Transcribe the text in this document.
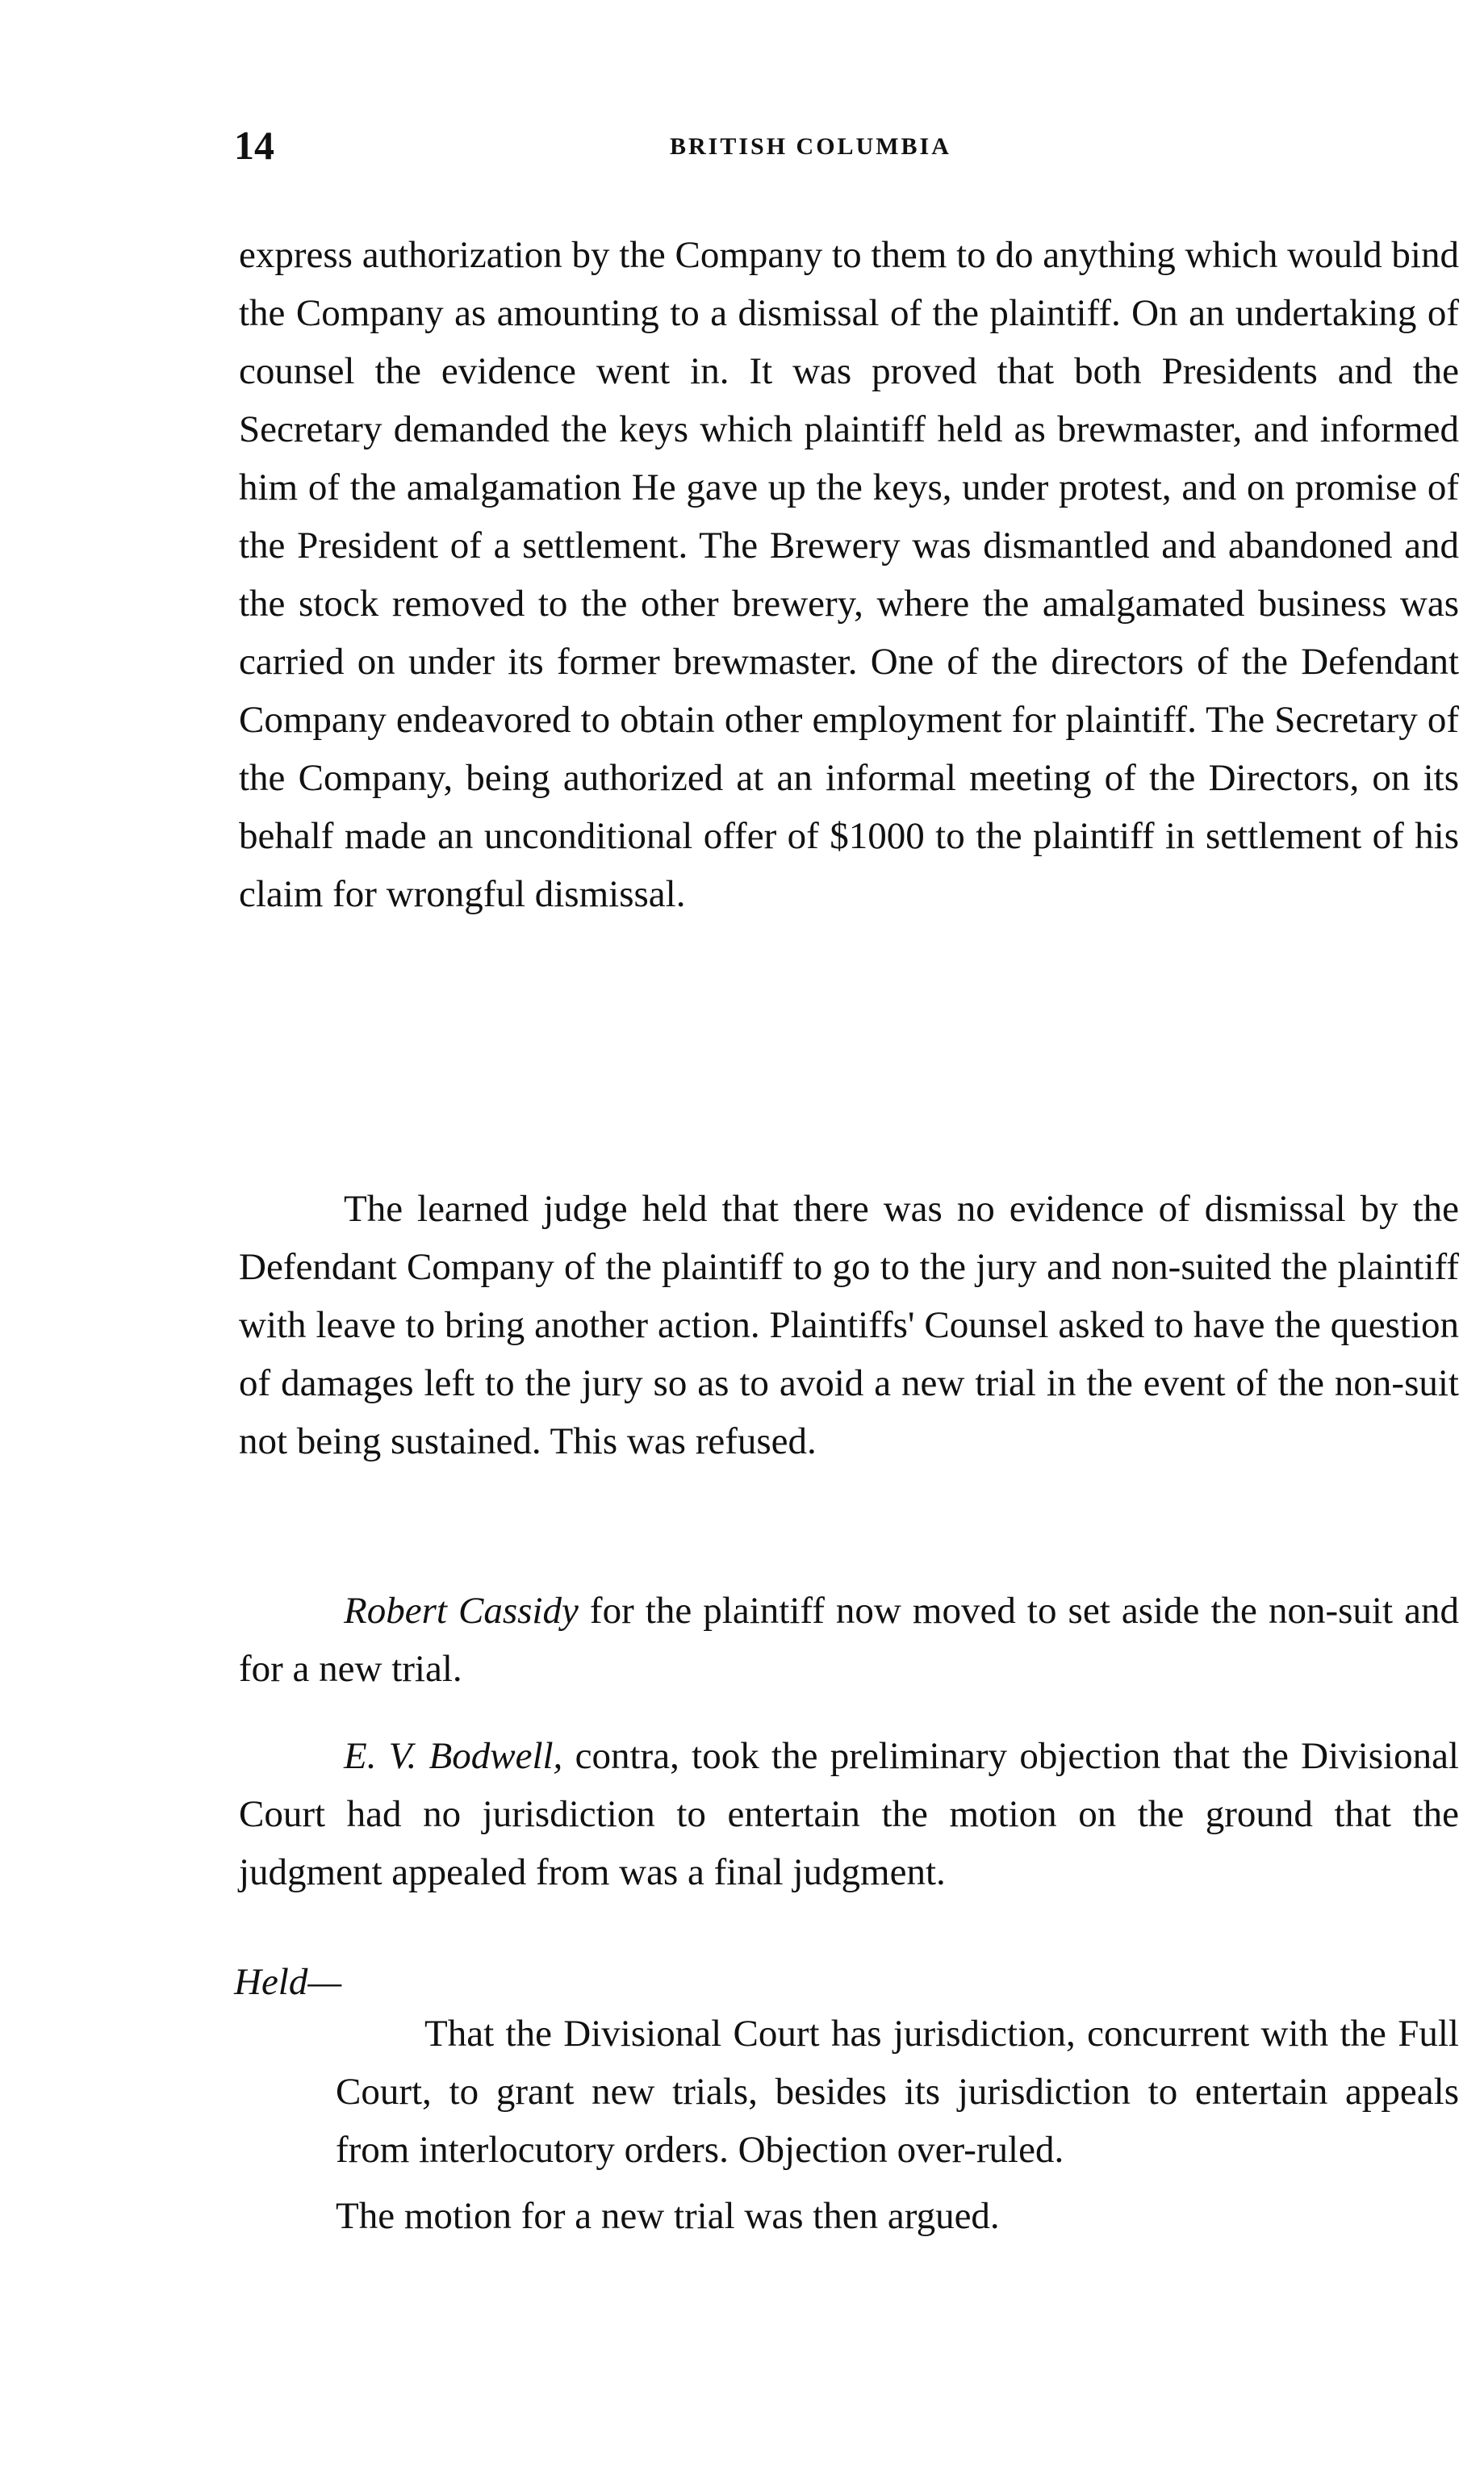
14	BRITISH COLUMBIA

express authorization by the Company to them to do anything which would bind the Company as amounting to a dismissal of the plaintiff. On an undertaking of counsel the evidence went in. It was proved that both Presidents and the Secretary demanded the keys which plaintiff held as brewmaster, and informed him of the amalgamation He gave up the keys, under protest, and on promise of the President of a settlement. The Brewery was dismantled and abandoned and the stock removed to the other brewery, where the amalgamated business was carried on under its former brewmaster. One of the directors of the Defendant Company endeavored to obtain other employment for plaintiff. The Secretary of the Company, being authorized at an informal meeting of the Directors, on its behalf made an unconditional offer of $1000 to the plaintiff in settlement of his claim for wrongful dismissal.

The learned judge held that there was no evidence of dismissal by the Defendant Company of the plaintiff to go to the jury and non-suited the plaintiff with leave to bring another action. Plaintiffs' Counsel asked to have the question of damages left to the jury so as to avoid a new trial in the event of the non-suit not being sustained. This was refused.

Robert Cassidy for the plaintiff now moved to set aside the non-suit and for a new trial.

E. V. Bodwell, contra, took the preliminary objection that the Divisional Court had no jurisdiction to entertain the motion on the ground that the judgment appealed from was a final judgment.

Held—

That the Divisional Court has jurisdiction, concurrent with the Full Court, to grant new trials, besides its jurisdiction to entertain appeals from interlocutory orders. Objection over-ruled.

The motion for a new trial was then argued.
